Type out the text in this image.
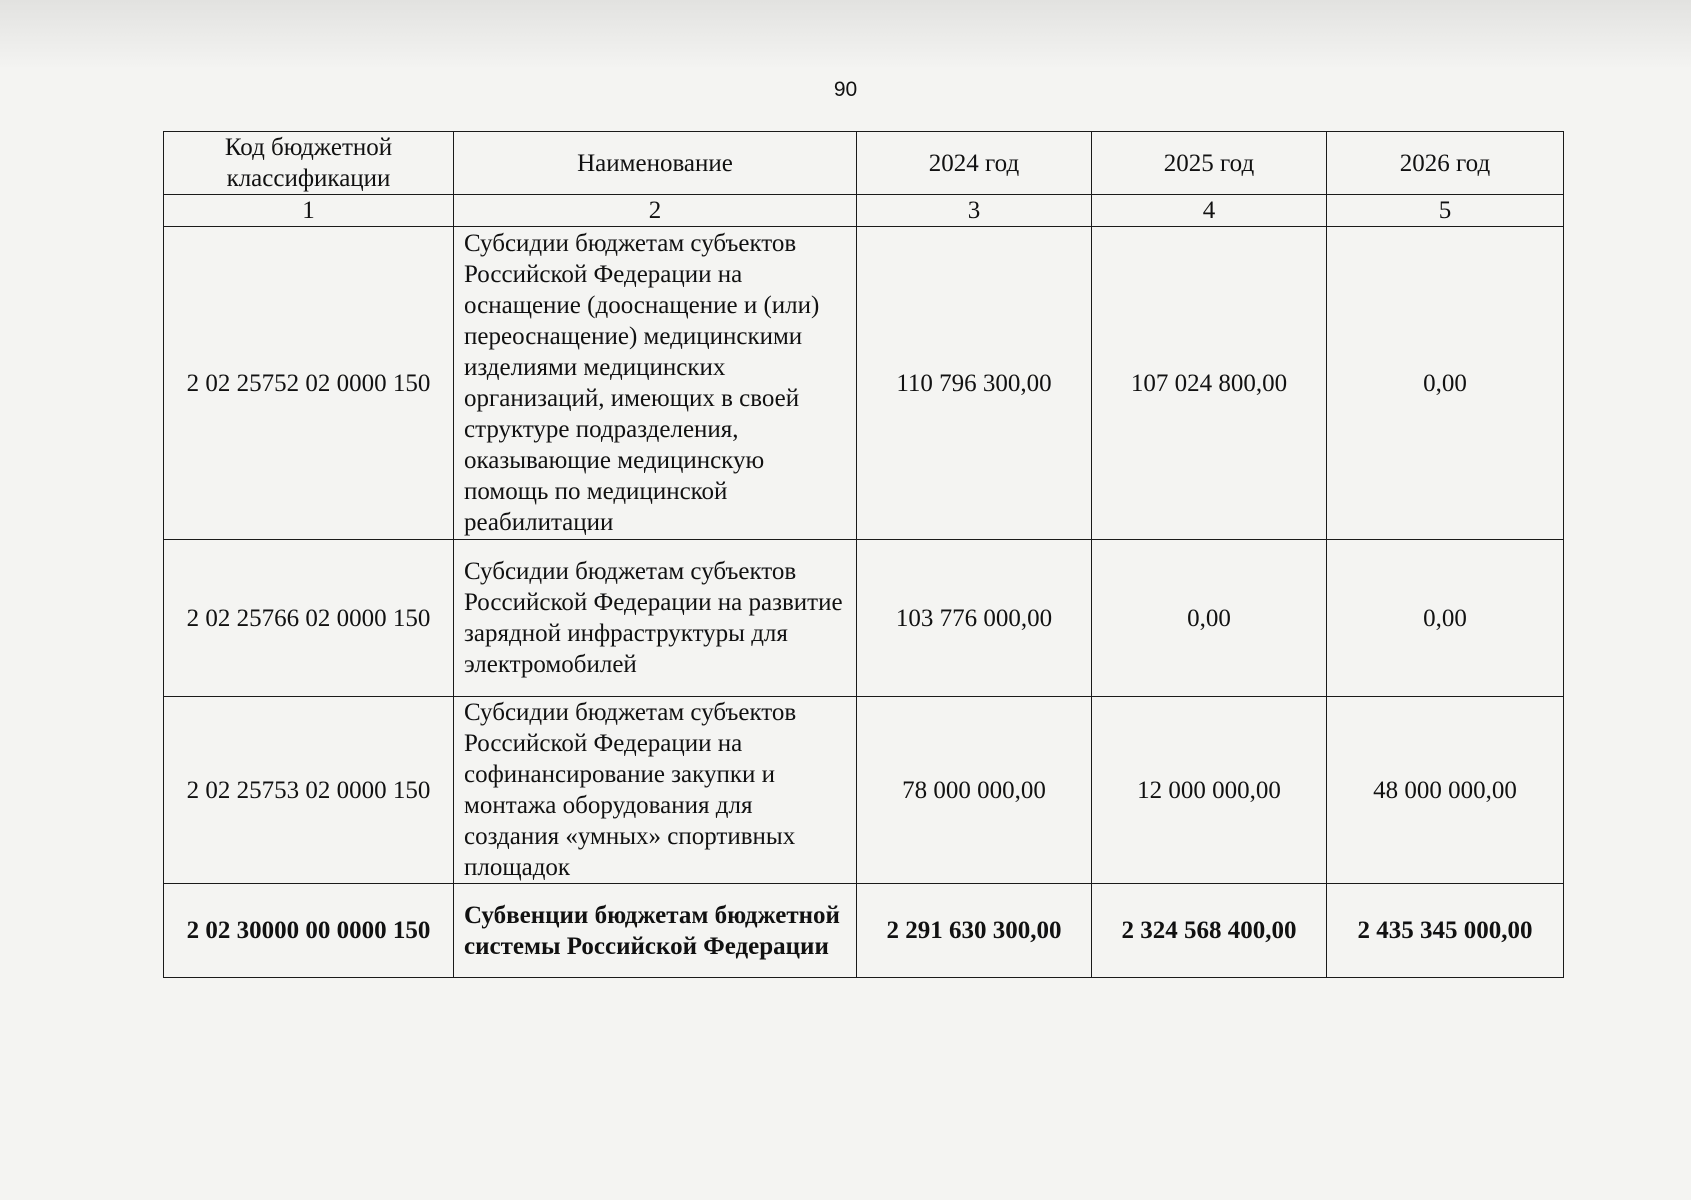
90
Код бюджетной классификации	Наименование	2024 год	2025 год	2026 год
1	2	3	4	5
2 02 25752 02 0000 150	Субсидии бюджетам субъектов Российской Федерации на оснащение (дооснащение и (или) переоснащение) медицинскими изделиями медицинских организаций, имеющих в своей структуре подразделения, оказывающие медицинскую помощь по медицинской реабилитации	110 796 300,00	107 024 800,00	0,00
2 02 25766 02 0000 150	Субсидии бюджетам субъектов Российской Федерации на развитие зарядной инфраструктуры для электромобилей	103 776 000,00	0,00	0,00
2 02 25753 02 0000 150	Субсидии бюджетам субъектов Российской Федерации на софинансирование закупки и монтажа оборудования для создания «умных» спортивных площадок	78 000 000,00	12 000 000,00	48 000 000,00
2 02 30000 00 0000 150	Субвенции бюджетам бюджетной системы Российской Федерации	2 291 630 300,00	2 324 568 400,00	2 435 345 000,00
